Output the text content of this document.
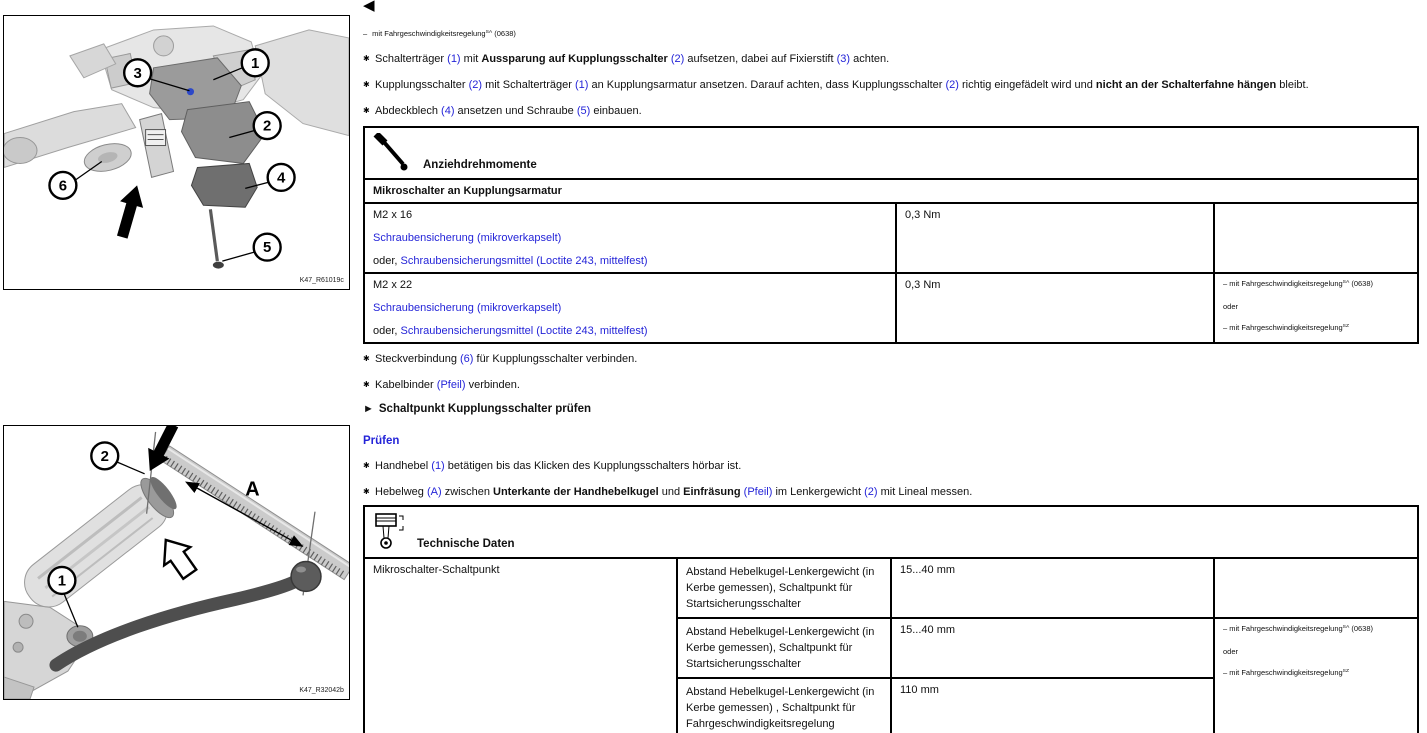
3
1
2
6	4
5
K47_R61019c
A
2
1
K47_R32042b
◀
– mit Fahrgeschwindigkeitsregelung$^{SA}$ (0638)
✱ Schalterträger (1) mit Aussparung auf Kupplungsschalter (2) aufsetzen, dabei auf Fixierstift (3) achten.
✱ Kupplungsschalter (2) mit Schalterträger (1) an Kupplungsarmatur ansetzen. Darauf achten, dass Kupplungsschalter (2) richtig eingefädelt wird und nicht an der Schalterfahne hängen bleibt.
✱ Abdeckblech (4) ansetzen und Schraube (5) einbauen.
Anziehdrehmomente		

Mikroschalter an Kupplungsarmatur		

M2 x 16
Schraubensicherung (mikroverkapselt)
oder, Schraubensicherungsmittel (Loctite 243, mittelfest)	0,3 Nm	

M2 x 22
Schraubensicherung (mikroverkapselt)
oder, Schraubensicherungsmittel (Loctite 243, mittelfest)
	0,3 Nm	– mit Fahrgeschwindigkeitsregelung$^{SA}$ (0638)
oder
– mit Fahrgeschwindigkeitsregelung$^{SZ}$
✱ Steckverbindung (6) für Kupplungsschalter verbinden.
✱ Kabelbinder (Pfeil) verbinden.
► Schaltpunkt Kupplungsschalter prüfen
Prüfen
✱ Handhebel (1) betätigen bis das Klicken des Kupplungsschalters hörbar ist.
✱ Hebelweg (A) zwischen Unterkante der Handhebelkugel und Einfräsung (Pfeil) im Lenkergewicht (2) mit Lineal messen.
Technische Daten			

Mikroschalter-Schaltpunkt	Abstand Hebelkugel-Lenkergewicht (in Kerbe gemessen), Schaltpunkt für Startsicherungsschalter	15...40 mm	

	Abstand Hebelkugel-Lenkergewicht (in Kerbe gemessen), Schaltpunkt für Startsicherungsschalter	15...40 mm	– mit Fahrgeschwindigkeitsregelung$^{SA}$ (0638)
oder
– mit Fahrgeschwindigkeitsregelung$^{SZ}$

	Abstand Hebelkugel-Lenkergewicht (in Kerbe gemessen) , Schaltpunkt für Fahrgeschwindigkeitsregelung	110 mm	
